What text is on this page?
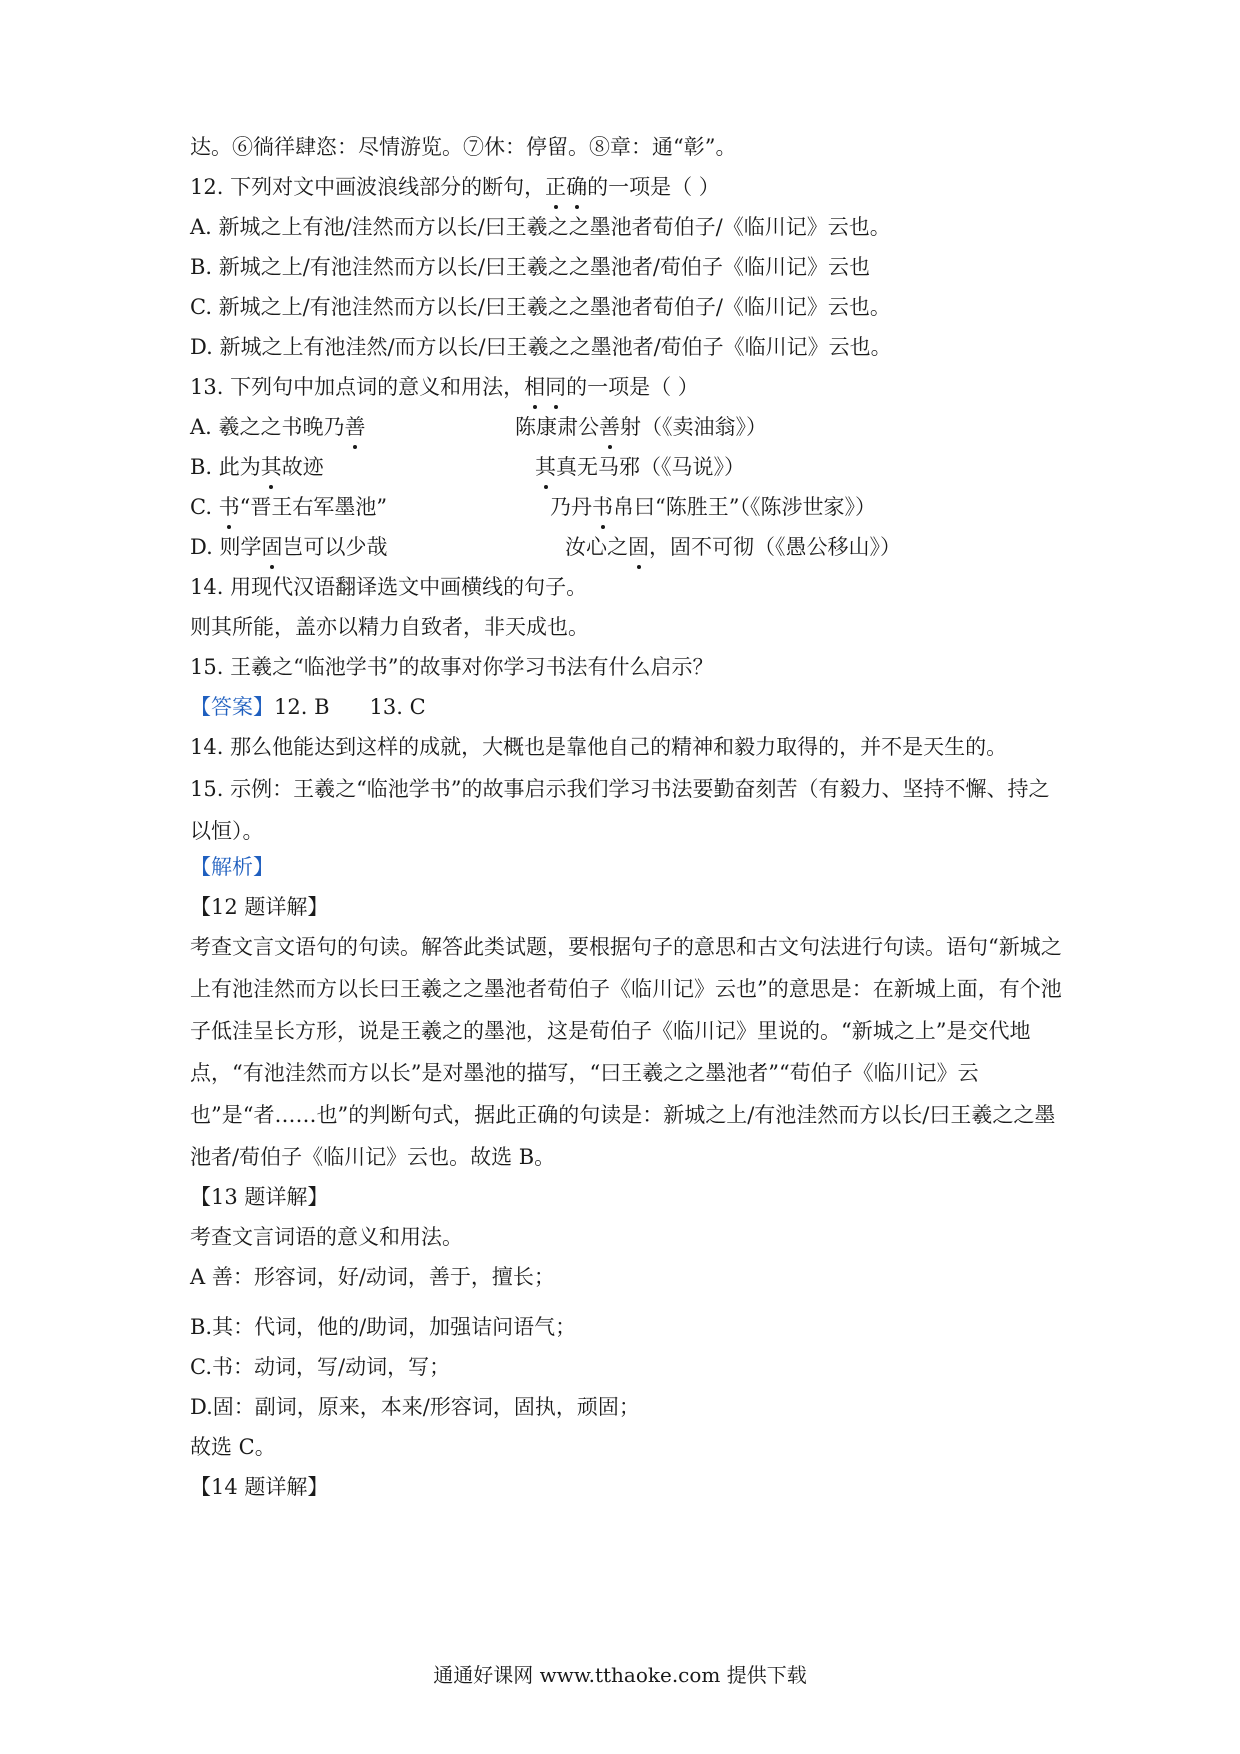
达。⑥徜徉肆恣：尽情游览。⑦休：停留。⑧章：通“彰”。
12. 下列对文中画波浪线部分的断句，正确的一项是（ ）
A. 新城之上有池/洼然而方以长/曰王羲之之墨池者荀伯子/《临川记》云也。
B. 新城之上/有池洼然而方以长/曰王羲之之墨池者/荀伯子《临川记》云也
C. 新城之上/有池洼然而方以长/曰王羲之之墨池者荀伯子/《临川记》云也。
D. 新城之上有池洼然/而方以长/曰王羲之之墨池者/荀伯子《临川记》云也。
13. 下列句中加点词的意义和用法，相同的一项是（ ）
A. 羲之之书晚乃善	陈康肃公善射（《卖油翁》）
B. 此为其故迹	其真无马邪（《马说》）
C. 书“晋王右军墨池”	乃丹书帛曰“陈胜王”（《陈涉世家》）
D. 则学固岂可以少哉	汝心之固，固不可彻（《愚公移山》）
14. 用现代汉语翻译选文中画横线的句子。
则其所能，盖亦以精力自致者，非天成也。
15. 王羲之“临池学书”的故事对你学习书法有什么启示？
【答案】12. B 13. C
14. 那么他能达到这样的成就，大概也是靠他自己的精神和毅力取得的，并不是天生的。
15. 示例：王羲之“临池学书”的故事启示我们学习书法要勤奋刻苦（有毅力、坚持不懈、持之以恒）。
【解析】
【12 题详解】
考查文言文语句的句读。解答此类试题，要根据句子的意思和古文句法进行句读。语句“新城之上有池洼然而方以长曰王羲之之墨池者荀伯子《临川记》云也”的意思是：在新城上面，有个池子低洼呈长方形，说是王羲之的墨池，这是荀伯子《临川记》里说的。“新城之上”是交代地点，“有池洼然而方以长”是对墨池的描写，“曰王羲之之墨池者”“荀伯子《临川记》云也”是“者……也”的判断句式，据此正确的句读是：新城之上/有池洼然而方以长/曰王羲之之墨池者/荀伯子《临川记》云也。故选 B。
【13 题详解】
考查文言词语的意义和用法。
A 善：形容词，好/动词，善于，擅长；
B.其：代词，他的/助词，加强诘问语气；
C.书：动词，写/动词，写；
D.固：副词，原来，本来/形容词，固执，顽固；
故选 C。
【14 题详解】
通通好课网 www.tthaoke.com 提供下载
